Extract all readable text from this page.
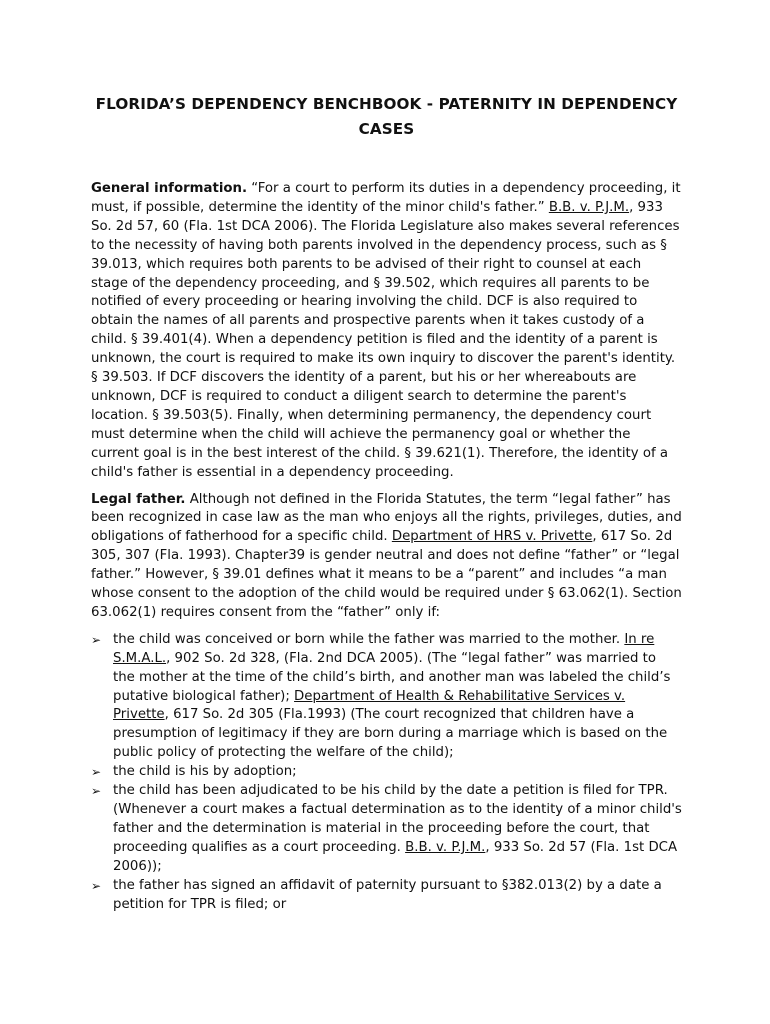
FLORIDA’S DEPENDENCY BENCHBOOK - PATERNITY IN DEPENDENCY CASES

General information. “For a court to perform its duties in a dependency proceeding, it must, if possible, determine the identity of the minor child's father.” B.B. v. P.J.M., 933 So. 2d 57, 60 (Fla. 1st DCA 2006). The Florida Legislature also makes several references to the necessity of having both parents involved in the dependency process, such as § 39.013, which requires both parents to be advised of their right to counsel at each stage of the dependency proceeding, and § 39.502, which requires all parents to be notified of every proceeding or hearing involving the child. DCF is also required to obtain the names of all parents and prospective parents when it takes custody of a child. § 39.401(4). When a dependency petition is filed and the identity of a parent is unknown, the court is required to make its own inquiry to discover the parent's identity. § 39.503. If DCF discovers the identity of a parent, but his or her whereabouts are unknown, DCF is required to conduct a diligent search to determine the parent's location. § 39.503(5). Finally, when determining permanency, the dependency court must determine when the child will achieve the permanency goal or whether the current goal is in the best interest of the child. § 39.621(1). Therefore, the identity of a child's father is essential in a dependency proceeding.

Legal father. Although not defined in the Florida Statutes, the term “legal father” has been recognized in case law as the man who enjoys all the rights, privileges, duties, and obligations of fatherhood for a specific child. Department of HRS v. Privette, 617 So. 2d 305, 307 (Fla. 1993). Chapter39 is gender neutral and does not define “father” or “legal father.” However, § 39.01 defines what it means to be a “parent” and includes “a man whose consent to the adoption of the child would be required under § 63.062(1). Section 63.062(1) requires consent from the “father” only if:

➢ the child was conceived or born while the father was married to the mother. In re S.M.A.L., 902 So. 2d 328, (Fla. 2nd DCA 2005). (The “legal father” was married to the mother at the time of the child’s birth, and another man was labeled the child’s putative biological father); Department of Health & Rehabilitative Services v. Privette, 617 So. 2d 305 (Fla.1993) (The court recognized that children have a presumption of legitimacy if they are born during a marriage which is based on the public policy of protecting the welfare of the child);
➢ the child is his by adoption;
➢ the child has been adjudicated to be his child by the date a petition is filed for TPR. (Whenever a court makes a factual determination as to the identity of a minor child's father and the determination is material in the proceeding before the court, that proceeding qualifies as a court proceeding. B.B. v. P.J.M., 933 So. 2d 57 (Fla. 1st DCA 2006));
➢ the father has signed an affidavit of paternity pursuant to §382.013(2) by a date a petition for TPR is filed; or
